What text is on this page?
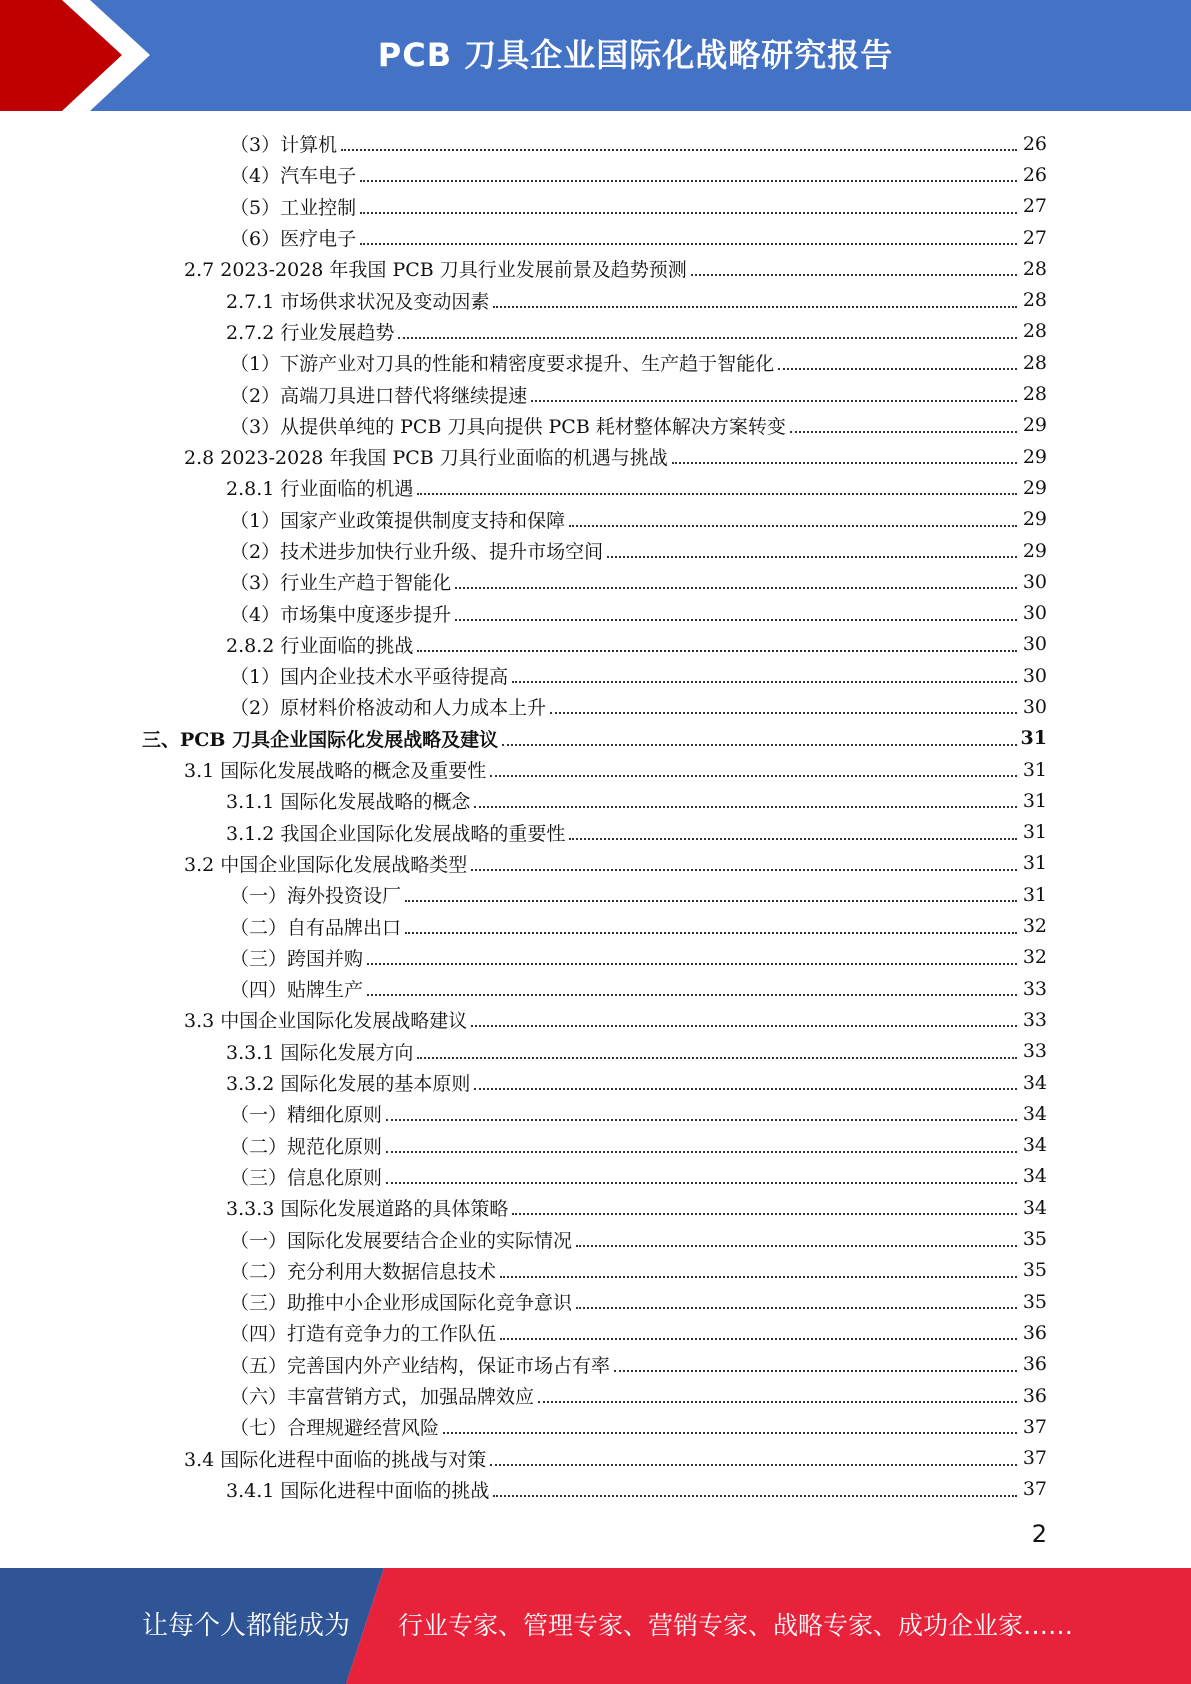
PCB 刀具企业国际化战略研究报告
（3）计算机	26
（4）汽车电子	26
（5）工业控制	27
（6）医疗电子	27
2.7 2023-2028 年我国 PCB 刀具行业发展前景及趋势预测	28
2.7.1 市场供求状况及变动因素	28
2.7.2 行业发展趋势	28
（1）下游产业对刀具的性能和精密度要求提升、生产趋于智能化	28
（2）高端刀具进口替代将继续提速	28
（3）从提供单纯的 PCB 刀具向提供 PCB 耗材整体解决方案转变	29
2.8 2023-2028 年我国 PCB 刀具行业面临的机遇与挑战	29
2.8.1 行业面临的机遇	29
（1）国家产业政策提供制度支持和保障	29
（2）技术进步加快行业升级、提升市场空间	29
（3）行业生产趋于智能化	30
（4）市场集中度逐步提升	30
2.8.2 行业面临的挑战	30
（1）国内企业技术水平亟待提高	30
（2）原材料价格波动和人力成本上升	30
三、PCB 刀具企业国际化发展战略及建议	31
3.1 国际化发展战略的概念及重要性	31
3.1.1 国际化发展战略的概念	31
3.1.2 我国企业国际化发展战略的重要性	31
3.2 中国企业国际化发展战略类型	31
（一）海外投资设厂	31
（二）自有品牌出口	32
（三）跨国并购	32
（四）贴牌生产	33
3.3 中国企业国际化发展战略建议	33
3.3.1 国际化发展方向	33
3.3.2 国际化发展的基本原则	34
（一）精细化原则	34
（二）规范化原则	34
（三）信息化原则	34
3.3.3 国际化发展道路的具体策略	34
（一）国际化发展要结合企业的实际情况	35
（二）充分利用大数据信息技术	35
（三）助推中小企业形成国际化竞争意识	35
（四）打造有竞争力的工作队伍	36
（五）完善国内外产业结构，保证市场占有率	36
（六）丰富营销方式，加强品牌效应	36
（七）合理规避经营风险	37
3.4 国际化进程中面临的挑战与对策	37
3.4.1 国际化进程中面临的挑战	37
2
让每个人都能成为 行业专家、管理专家、营销专家、战略专家、成功企业家……
